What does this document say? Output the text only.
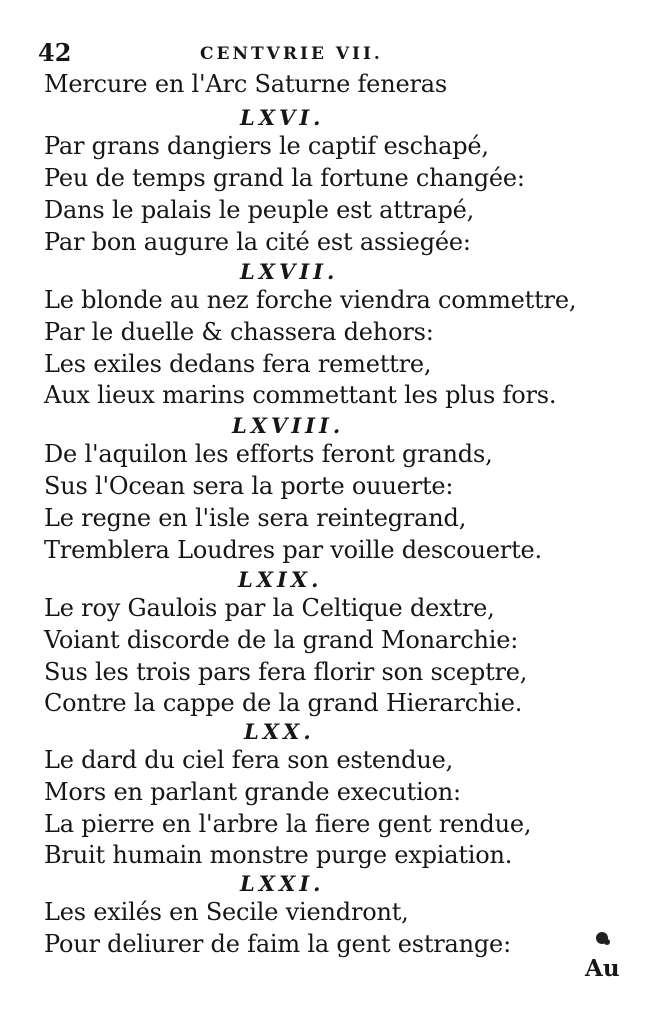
42	CENTVRIE VII.
Mercure en l'Arc Saturne feneras
LXVI.
Par grans dangiers le captif eschapé,
Peu de temps grand la fortune changée:
Dans le palais le peuple est attrapé,
Par bon augure la cité est assiegée:
LXVII.
Le blonde au nez forche viendra commettre,
Par le duelle & chassera dehors:
Les exiles dedans fera remettre,
Aux lieux marins commettant les plus fors.
LXVIII.
De l'aquilon les efforts feront grands,
Sus l'Ocean sera la porte ouuerte:
Le regne en l'isle sera reintegrand,
Tremblera Loudres par voille descouerte.
LXIX.
Le roy Gaulois par la Celtique dextre,
Voiant discorde de la grand Monarchie:
Sus les trois pars fera florir son sceptre,
Contre la cappe de la grand Hierarchie.
LXX.
Le dard du ciel fera son estendue,
Mors en parlant grande execution:
La pierre en l'arbre la fiere gent rendue,
Bruit humain monstre purge expiation.
LXXI.
Les exilés en Secile viendront,
Pour deliurer de faim la gent estrange:
Au
